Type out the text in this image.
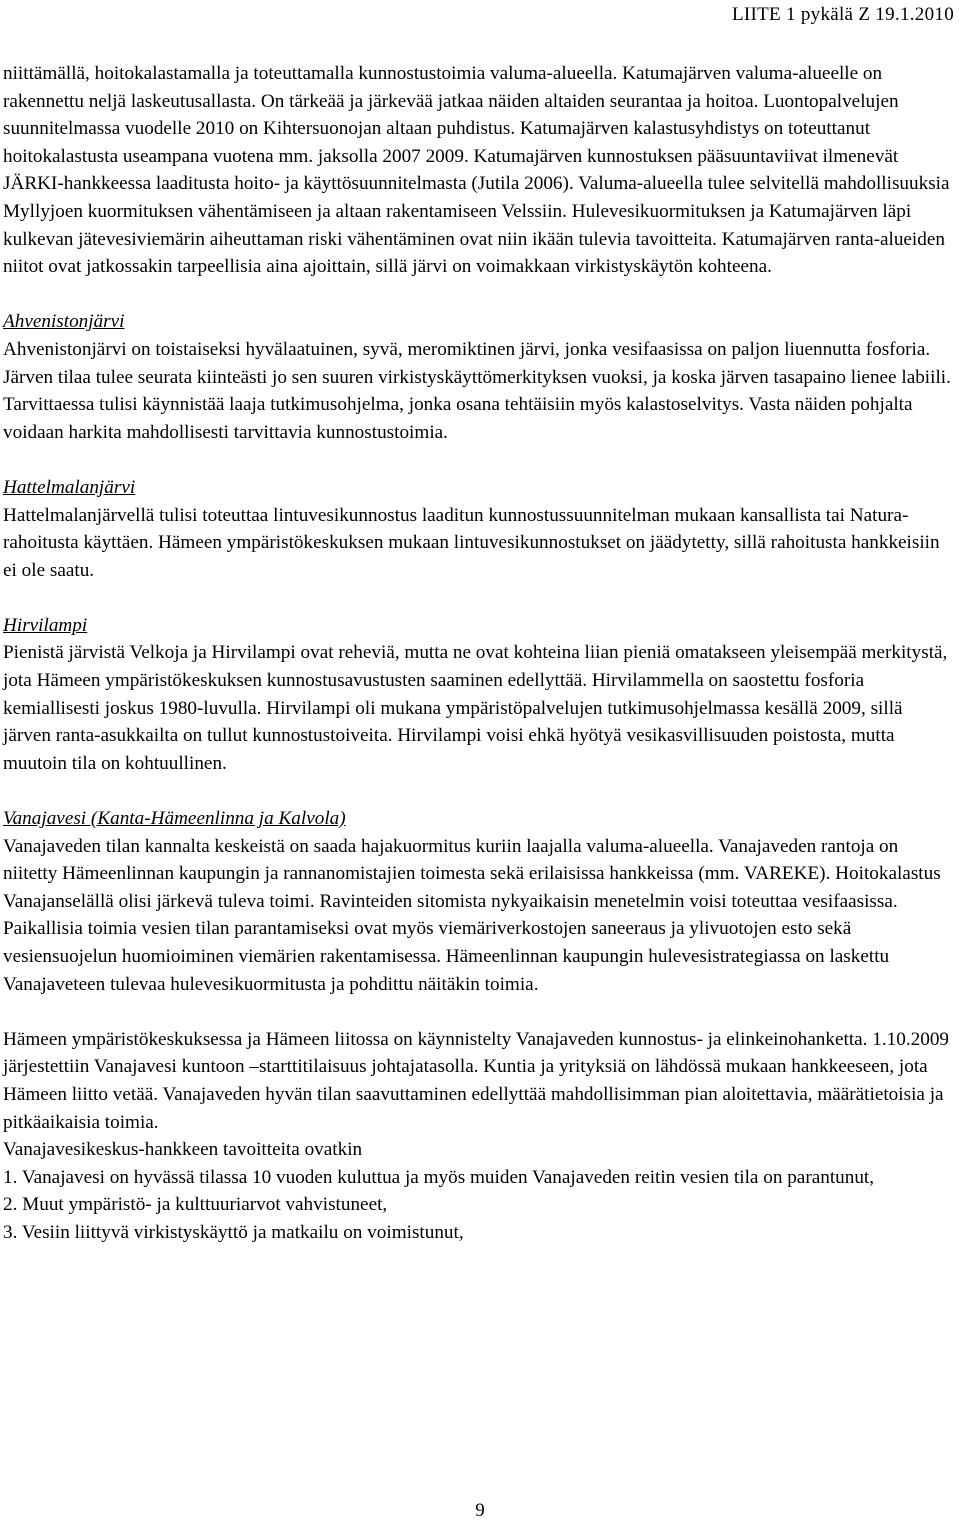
LIITE 1 pykälä Z 19.1.2010

niittämällä, hoitokalastamalla ja toteuttamalla kunnostustoimia valuma-alueella. Katumajärven valuma-alueelle on rakennettu neljä laskeutusallasta. On tärkeää ja järkevää jatkaa näiden altaiden seurantaa ja hoitoa. Luontopalvelujen suunnitelmassa vuodelle 2010 on Kihtersuonojan altaan puhdistus. Katumajärven kalastusyhdistys on toteuttanut hoitokalastusta useampana vuotena mm. jaksolla 2007 2009. Katumajärven kunnostuksen pääsuuntaviivat ilmenevät JÄRKI-hankkeessa laaditusta hoito- ja käyttösuunnitelmasta (Jutila 2006). Valuma-alueella tulee selvitellä mahdollisuuksia Myllyjoen kuormituksen vähentämiseen ja altaan rakentamiseen Velssiin. Hulevesikuormituksen ja Katumajärven läpi kulkevan jätevesiviemärin aiheuttaman riski vähentäminen ovat niin ikään tulevia tavoitteita. Katumajärven ranta-alueiden niitot ovat jatkossakin tarpeellisia aina ajoittain, sillä järvi on voimakkaan virkistyskäytön kohteena.

Ahvenistonjärvi

Ahvenistonjärvi on toistaiseksi hyvälaatuinen, syvä, meromiktinen järvi, jonka vesifaasissa on paljon liuennutta fosforia. Järven tilaa tulee seurata kiinteästi jo sen suuren virkistyskäyttömerkityksen vuoksi, ja koska järven tasapaino lienee labiili. Tarvittaessa tulisi käynnistää laaja tutkimusohjelma, jonka osana tehtäisiin myös kalastoselvitys. Vasta näiden pohjalta voidaan harkita mahdollisesti tarvittavia kunnostustoimia.

Hattelmalanjärvi

Hattelmalanjärvellä tulisi toteuttaa lintuvesikunnostus laaditun kunnostussuunnitelman mukaan kansallista tai Natura-rahoitusta käyttäen. Hämeen ympäristökeskuksen mukaan lintuvesikunnostukset on jäädytetty, sillä rahoitusta hankkeisiin ei ole saatu.

Hirvilampi

Pienistä järvistä Velkoja ja Hirvilampi ovat reheviä, mutta ne ovat kohteina liian pieniä omatakseen yleisempää merkitystä, jota Hämeen ympäristökeskuksen kunnostusavustusten saaminen edellyttää. Hirvilammella on saostettu fosforia kemiallisesti joskus 1980-luvulla. Hirvilampi oli mukana ympäristöpalvelujen tutkimusohjelmassa kesällä 2009, sillä järven ranta-asukkailta on tullut kunnostustoiveita. Hirvilampi voisi ehkä hyötyä vesikasvillisuuden poistosta, mutta muutoin tila on kohtuullinen.

Vanajavesi (Kanta-Hämeenlinna ja Kalvola)

Vanajaveden tilan kannalta keskeistä on saada hajakuormitus kuriin laajalla valuma-alueella. Vanajaveden rantoja on niitetty Hämeenlinnan kaupungin ja rannanomistajien toimesta sekä erilaisissa hankkeissa (mm. VAREKE). Hoitokalastus Vanajanselällä olisi järkevä tuleva toimi. Ravinteiden sitomista nykyaikaisin menetelmin voisi toteuttaa vesifaasissa. Paikallisia toimia vesien tilan parantamiseksi ovat myös viemäriverkostojen saneeraus ja ylivuotojen esto sekä vesiensuojelun huomioiminen viemärien rakentamisessa. Hämeenlinnan kaupungin hulevesistrategiassa on laskettu Vanajaveteen tulevaa hulevesikuormitusta ja pohdittu näitäkin toimia.

Hämeen ympäristökeskuksessa ja Hämeen liitossa on käynnistelty Vanajaveden kunnostus- ja elinkeinohanketta. 1.10.2009 järjestettiin Vanajavesi kuntoon –starttitilaisuus johtajatasolla. Kuntia ja yrityksiä on lähdössä mukaan hankkeeseen, jota Hämeen liitto vetää. Vanajaveden hyvän tilan saavuttaminen edellyttää mahdollisimman pian aloitettavia, määrätietoisia ja pitkäaikaisia toimia.

Vanajavesikeskus-hankkeen tavoitteita ovatkin

1. Vanajavesi on hyvässä tilassa 10 vuoden kuluttua ja myös muiden Vanajaveden reitin vesien tila on parantunut,

2. Muut ympäristö- ja kulttuuriarvot vahvistuneet,

3. Vesiin liittyvä virkistyskäyttö ja matkailu on voimistunut,

9
